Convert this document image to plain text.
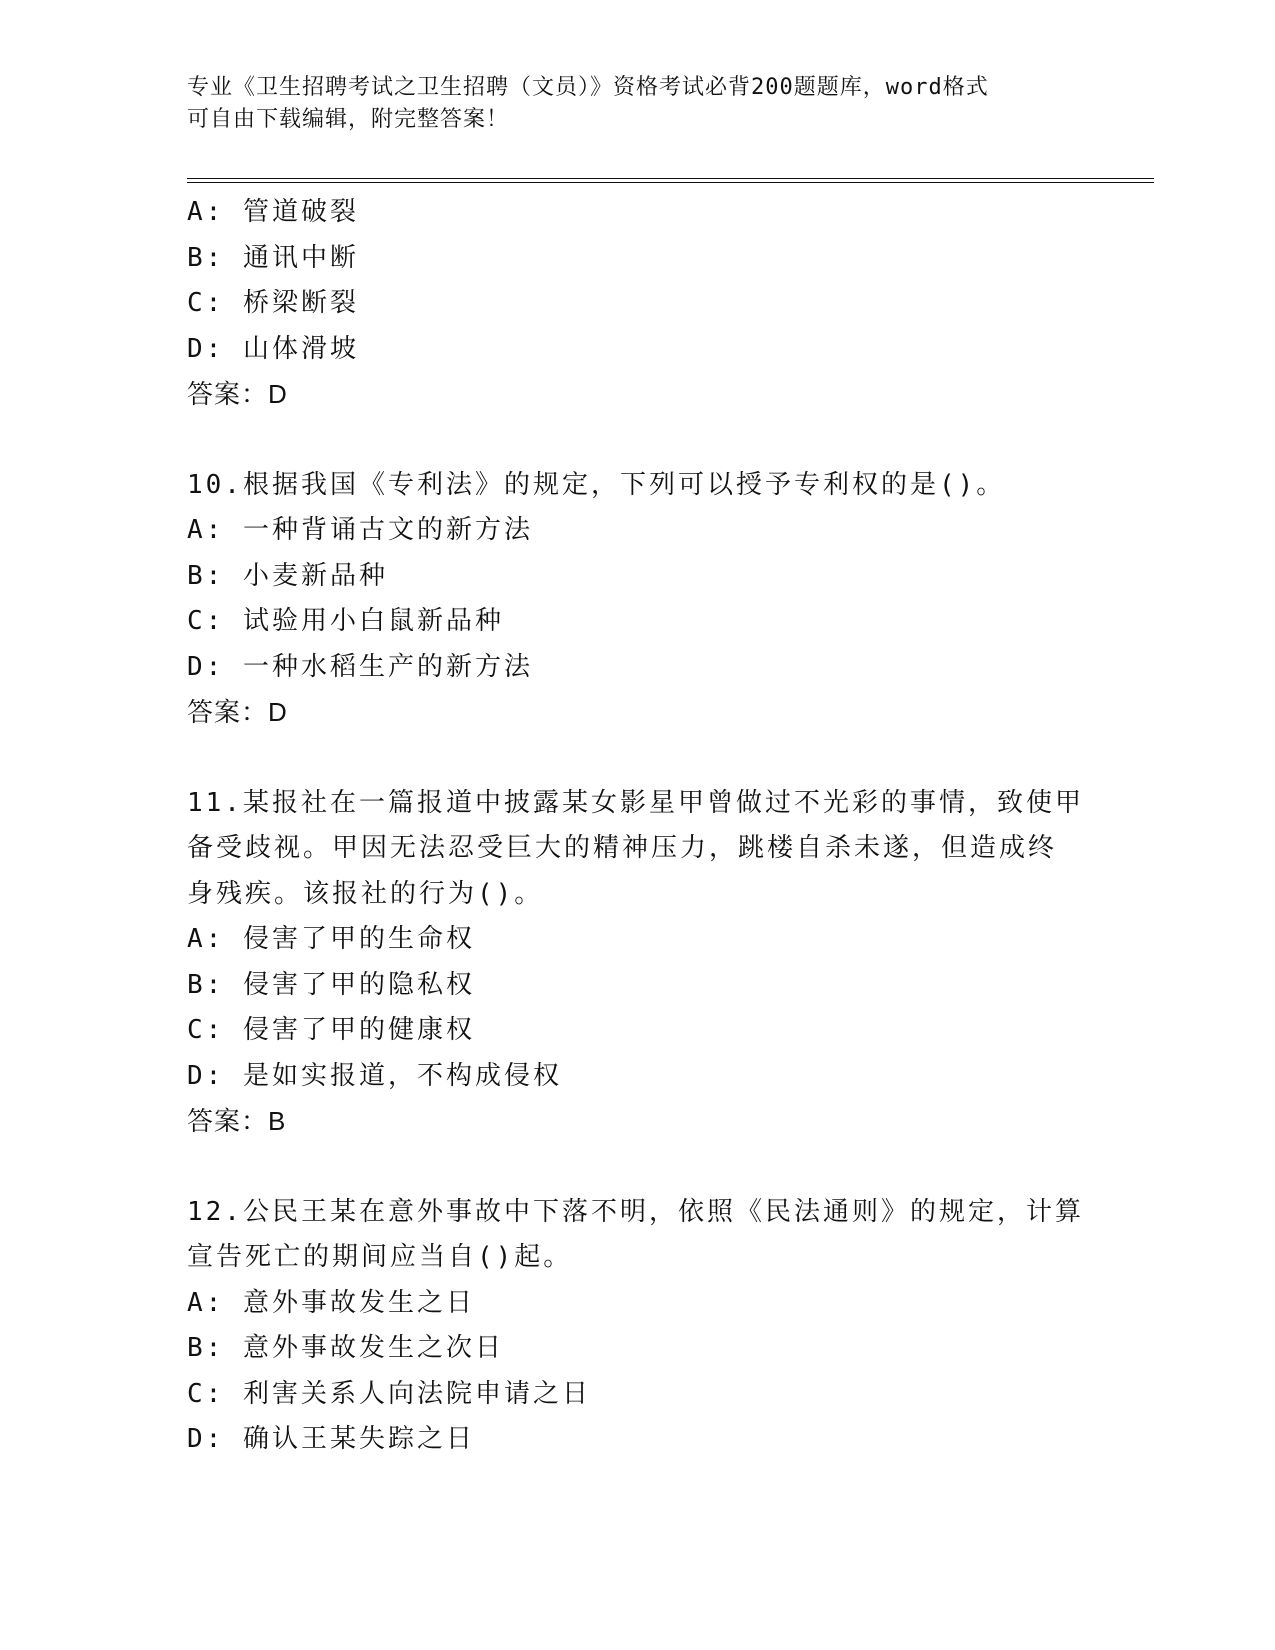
专业《卫生招聘考试之卫生招聘（文员）》资格考试必背200题题库，word格式
可自由下载编辑，附完整答案！
A: 管道破裂
B: 通讯中断
C: 桥梁断裂
D: 山体滑坡
答案：D
10.根据我国《专利法》的规定，下列可以授予专利权的是()。
A: 一种背诵古文的新方法
B: 小麦新品种
C: 试验用小白鼠新品种
D: 一种水稻生产的新方法
答案：D
11.某报社在一篇报道中披露某女影星甲曾做过不光彩的事情，致使甲
备受歧视。甲因无法忍受巨大的精神压力，跳楼自杀未遂，但造成终
身残疾。该报社的行为()。
A: 侵害了甲的生命权
B: 侵害了甲的隐私权
C: 侵害了甲的健康权
D: 是如实报道，不构成侵权
答案：B
12.公民王某在意外事故中下落不明，依照《民法通则》的规定，计算
宣告死亡的期间应当自()起。
A: 意外事故发生之日
B: 意外事故发生之次日
C: 利害关系人向法院申请之日
D: 确认王某失踪之日
